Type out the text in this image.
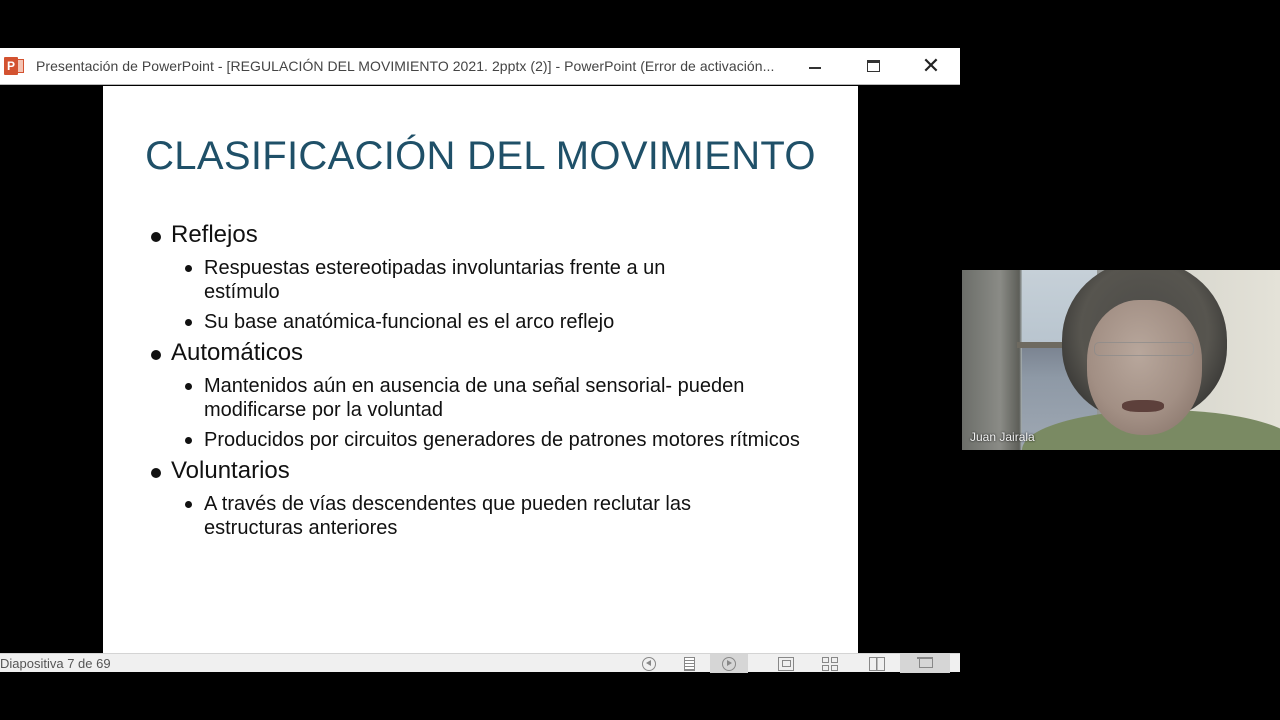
P Presentación de PowerPoint - [REGULACIÓN DEL MOVIMIENTO 2021. 2pptx (2)] - PowerPoint (Error de activación...	✕
CLASIFICACIÓN DEL MOVIMIENTO
Reflejos
Respuestas estereotipadas involuntarias frente a un estímulo
Su base anatómica-funcional es el arco reflejo
Automáticos
Mantenidos aún en ausencia de una señal sensorial- pueden modificarse por la voluntad
Producidos por circuitos generadores de patrones motores rítmicos
Voluntarios
A través de vías descendentes que pueden reclutar las estructuras anteriores
Diapositiva 7 de 69
Juan Jairala
